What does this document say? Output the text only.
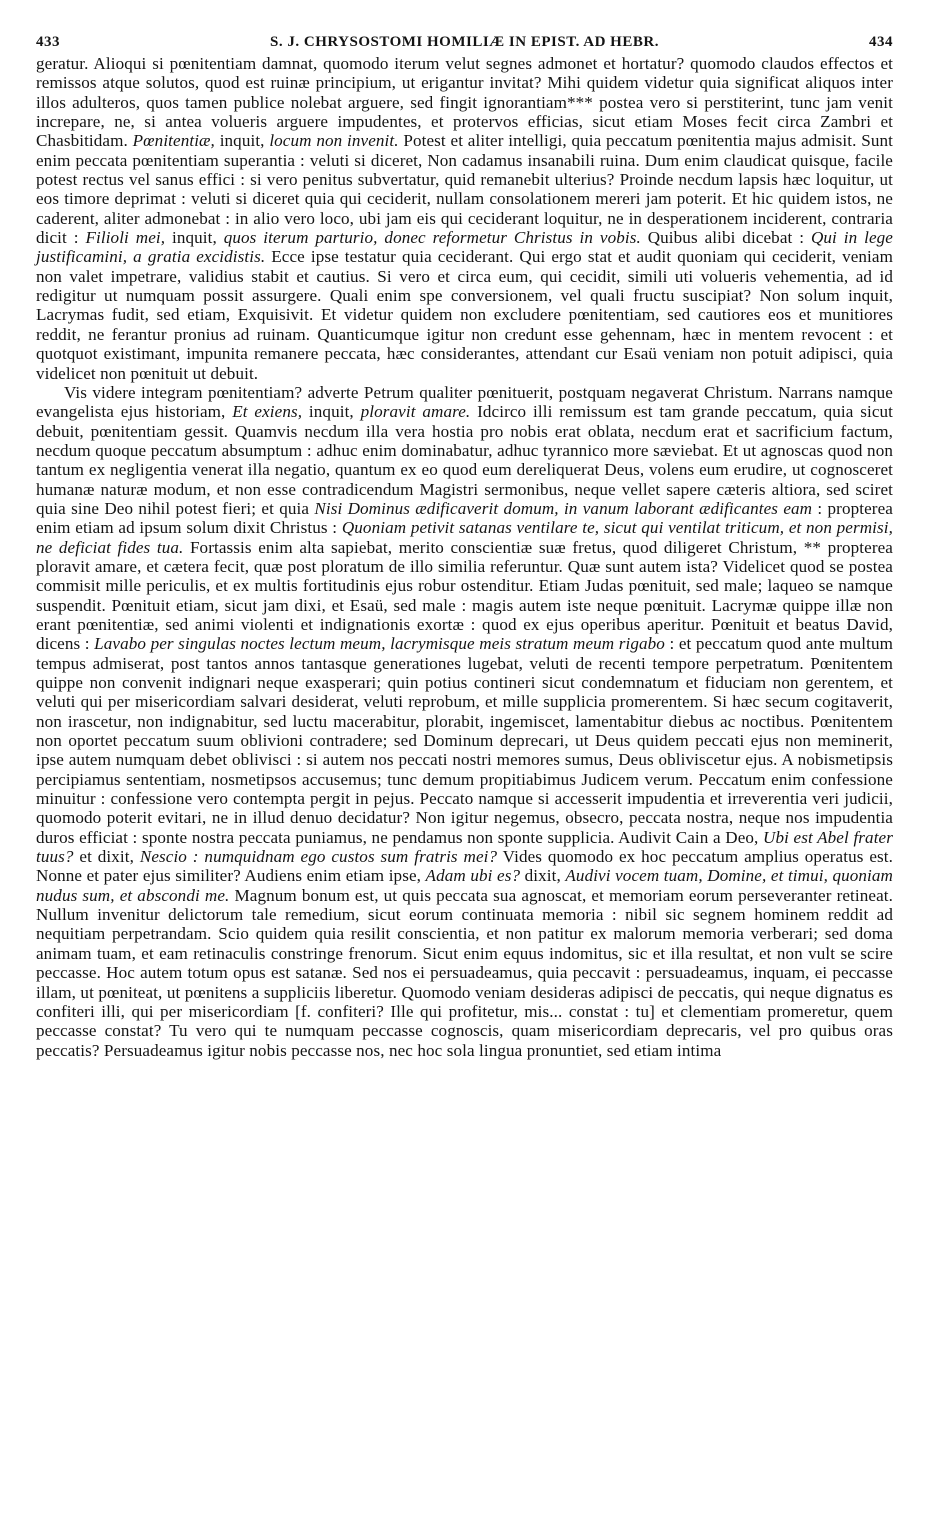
433	S. J. CHRYSOSTOMI HOMILIÆ IN EPIST. AD HEBR.	434

geratur. Alioqui si pœnitentiam damnat, quomodo iterum velut segnes admonet et hortatur? quomodo claudos effectos et remissos atque solutos, quod est ruinæ principium, ut erigantur invitat? Mihi quidem videtur quia significat aliquos inter illos adulteros, quos tamen publice nolebat arguere, sed fingit ignorantiam*** postea vero si perstiterint, tunc jam venit increpare, ne, si antea volueris arguere impudentes, et protervos efficias, sicut etiam Moses fecit circa Zambri et Chasbitidam. Pœnitentiæ, inquit, locum non invenit. Potest et aliter intelligi, quia peccatum pœnitentia majus admisit. Sunt enim peccata pœnitentiam superantia : veluti si diceret, Non cadamus insanabili ruina. Dum enim claudicat quisque, facile potest rectus vel sanus effici : si vero penitus subvertatur, quid remanebit ulterius? Proinde necdum lapsis hæc loquitur, ut eos timore deprimat : veluti si diceret quia qui ceciderit, nullam consolationem mereri jam poterit. Et hic quidem istos, ne caderent, aliter admonebat : in alio vero loco, ubi jam eis qui ceciderant loquitur, ne in desperationem inciderent, contraria dicit : Filioli mei, inquit, quos iterum parturio, donec reformetur Christus in vobis. Quibus alibi dicebat : Qui in lege justificamini, a gratia excidistis. Ecce ipse testatur quia ceciderant. Qui ergo stat et audit quoniam qui ceciderit, veniam non valet impetrare, validius stabit et cautius. Si vero et circa eum, qui cecidit, simili uti volueris vehementia, ad id redigitur ut numquam possit assurgere. Quali enim spe conversionem, vel quali fructu suscipiat? Non solum inquit, Lacrymas fudit, sed etiam, Exquisivit. Et videtur quidem non excludere pœnitentiam, sed cautiores eos et munitiores reddit, ne ferantur pronius ad ruinam. Quanticumque igitur non credunt esse gehennam, hæc in mentem revocent : et quotquot existimant, impunita remanere peccata, hæc considerantes, attendant cur Esaü veniam non potuit adipisci, quia videlicet non pœnituit ut debuit.

Vis videre integram pœnitentiam? adverte Petrum qualiter pœnituerit, postquam negaverat Christum. Narrans namque evangelista ejus historiam, Et exiens, inquit, ploravit amare. Idcirco illi remissum est tam grande peccatum, quia sicut debuit, pœnitentiam gessit. Quamvis necdum illa vera hostia pro nobis erat oblata, necdum erat et sacrificium factum, necdum quoque peccatum absumptum : adhuc enim dominabatur, adhuc tyrannico more sæviebat. Et ut agnoscas quod non tantum ex negligentia venerat illa negatio, quantum ex eo quod eum dereliquerat Deus, volens eum erudire, ut cognosceret humanæ naturæ modum, et non esse contradicendum Magistri sermonibus, neque vellet sapere cæteris altiora, sed sciret quia sine Deo nihil potest fieri; et quia Nisi Dominus ædificaverit domum, in vanum laborant ædificantes eam : propterea enim etiam ad ipsum solum dixit Christus : Quoniam petivit satanas ventilare te, sicut qui ventilat triticum, et non permisi, ne deficiat fides tua. Fortassis enim alta sapiebat, merito conscientiæ suæ fretus, quod diligeret Christum, ** propterea ploravit amare, et cætera fecit, quæ post ploratum de illo similia referuntur. Quæ sunt autem ista? Videlicet quod se postea commisit mille periculis, et ex multis fortitudinis ejus robur ostenditur. Etiam Judas pœnituit, sed male; laqueo se namque suspendit. Pœnituit etiam, sicut jam dixi, et Esaü, sed male : magis autem iste neque pœnituit. Lacrymæ quippe illæ non erant pœnitentiæ, sed animi violenti et indignationis exortæ : quod ex ejus operibus aperitur. Pœnituit et beatus David, dicens : Lavabo per singulas noctes lectum meum, lacrymisque meis stratum meum rigabo : et peccatum quod ante multum tempus admiserat, post tantos annos tantasque generationes lugebat, veluti de recenti tempore perpetratum. Pœnitentem quippe non convenit indignari neque exasperari; quin potius contineri sicut condemnatum et fiduciam non gerentem, et veluti qui per misericordiam salvari desiderat, veluti reprobum, et mille supplicia promerentem. Si hæc secum cogitaverit, non irascetur, non indignabitur, sed luctu macerabitur, plorabit, ingemiscet, lamentabitur diebus ac noctibus. Pœnitentem non oportet peccatum suum oblivioni contradere; sed Dominum deprecari, ut Deus quidem peccati ejus non meminerit, ipse autem numquam debet oblivisci : si autem nos peccati nostri memores sumus, Deus obliviscetur ejus. A nobismetipsis percipiamus sententiam, nosmetipsos accusemus; tunc demum propitiabimus Judicem verum. Peccatum enim confessione minuitur : confessione vero contempta pergit in pejus. Peccato namque si accesserit impudentia et irreverentia veri judicii, quomodo poterit evitari, ne in illud denuo decidatur? Non igitur negemus, obsecro, peccata nostra, neque nos impudentia duros efficiat : sponte nostra peccata puniamus, ne pendamus non sponte supplicia. Audivit Cain a Deo, Ubi est Abel frater tuus? et dixit, Nescio : numquidnam ego custos sum fratris mei? Vides quomodo ex hoc peccatum amplius operatus est. Nonne et pater ejus similiter? Audiens enim etiam ipse, Adam ubi es? dixit, Audivi vocem tuam, Domine, et timui, quoniam nudus sum, et abscondi me. Magnum bonum est, ut quis peccata sua agnoscat, et memoriam eorum perseveranter retineat. Nullum invenitur delictorum tale remedium, sicut eorum continuata memoria : nibil sic segnem hominem reddit ad nequitiam perpetrandam. Scio quidem quia resilit conscientia, et non patitur ex malorum memoria verberari; sed doma animam tuam, et eam retinaculis constringe frenorum. Sicut enim equus indomitus, sic et illa resultat, et non vult se scire peccasse. Hoc autem totum opus est satanæ. Sed nos ei persuadeamus, quia peccavit : persuadeamus, inquam, ei peccasse illam, ut pœniteat, ut pœnitens a suppliciis liberetur. Quomodo veniam desideras adipisci de peccatis, qui neque dignatus es confiteri illi, qui per misericordiam [f. confiteri? Ille qui profitetur, mis... constat : tu] et clementiam promeretur, quem peccasse constat? Tu vero qui te numquam peccasse cognoscis, quam misericordiam deprecaris, vel pro quibus oras peccatis? Persuadeamus igitur nobis peccasse nos, nec hoc sola lingua pronuntiet, sed etiam intima
